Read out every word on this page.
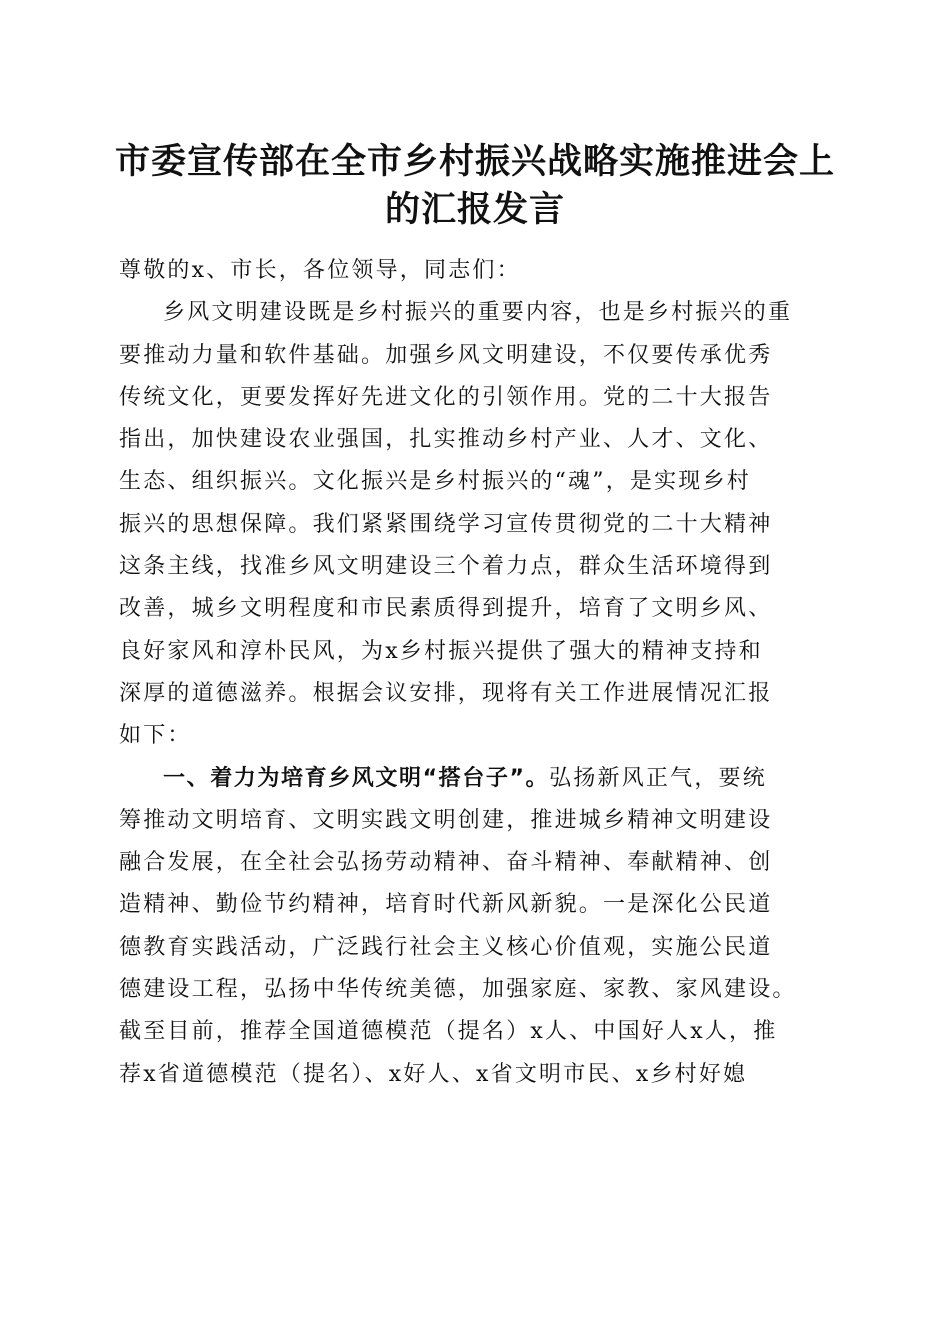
市委宣传部在全市乡村振兴战略实施推进会上
的汇报发言
尊敬的x、市长，各位领导，同志们：
乡风文明建设既是乡村振兴的重要内容，也是乡村振兴的重
要推动力量和软件基础。加强乡风文明建设，不仅要传承优秀
传统文化，更要发挥好先进文化的引领作用。党的二十大报告
指出，加快建设农业强国，扎实推动乡村产业、人才、文化、
生态、组织振兴。文化振兴是乡村振兴的“魂”，是实现乡村
振兴的思想保障。我们紧紧围绕学习宣传贯彻党的二十大精神
这条主线，找准乡风文明建设三个着力点，群众生活环境得到
改善，城乡文明程度和市民素质得到提升，培育了文明乡风、
良好家风和淳朴民风，为x乡村振兴提供了强大的精神支持和
深厚的道德滋养。根据会议安排，现将有关工作进展情况汇报
如下：
一、着力为培育乡风文明“搭台子”。弘扬新风正气，要统
筹推动文明培育、文明实践文明创建，推进城乡精神文明建设
融合发展，在全社会弘扬劳动精神、奋斗精神、奉献精神、创
造精神、勤俭节约精神，培育时代新风新貌。一是深化公民道
德教育实践活动，广泛践行社会主义核心价值观，实施公民道
德建设工程，弘扬中华传统美德，加强家庭、家教、家风建设。
截至目前，推荐全国道德模范（提名）x人、中国好人x人，推
荐x省道德模范（提名）、x好人、x省文明市民、x乡村好媳
